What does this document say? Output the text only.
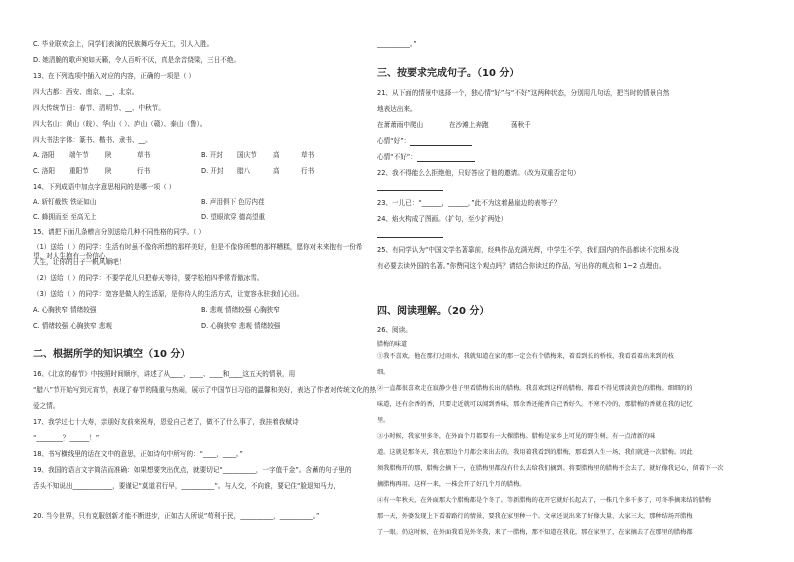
C. 毕业联欢会上，同学们表演的民族舞巧夺天工，引人入胜。
D. 她清脆的歌声宛如天籁，令人百听不厌，真是余音绕梁，三日不绝。
13、在下列选项中插入对应的内容，正确的一项是（ ）
四大古都：西安、南京、__、北京。
四大传统节日：春节、清明节、__、中秋节。
四大名山：黄山（皖）、华山（ ）、庐山（赣）、泰山（鲁）。
四大书法字体：篆书、楷书、隶书、__。
A. 洛阳 端午节 陕	草书	B. 开封 国庆节 高	草书
C. 洛阳 重阳节 陕	行书	D. 开封 腊八	高	行书
14、下列成语中加点字意思相同的是哪一项（ ）
A. 斩钉截铁 铁证如山	B. 声泪俱下 色厉内荏
C. 蜂拥而至 至高无上	D. 望眼欲穿 德高望重
15、请把下面几条赠言分别送给几种不同性格的同学。（ ）
（1）送给（ ）的同学：生活有时虽不像你所想的那样美好，但是不像你所想的那样糟糕，愿你对未来抱有一份希望，对人生抱有一份信心，
人生，让你的日子一帆风顺吧！
（2）送给（ ）的同学：不要学花儿只把春天等待，要学松柏四季常青傲冰雪。
（3）送给（ ）的同学：宽容是做人的生活原，是你待人的生活方式，让宽容永驻我们心田。
A. 心胸狭窄 情绪较强	B. 悲观 情绪较强 心胸狭窄
C. 情绪较强 心胸狭窄 悲观	D. 心胸狭窄 悲观 情绪较强
二、根据所学的知识填空（10 分）
16、《北京的春节》中按照时间顺序，讲述了从____、____、____和____这五天的情景，用
“腊八”节开始写到元宵节，表现了春节的隆重与热闹，展示了中国节日习俗的温馨和美好，表达了作者对传统文化的热
爱之情。
17、我学过七十大寿，亲朋好友前来祝寿，恩爱自己老了，做不了什么事了，我挂着我赋诗
“________？______！”
18、书写横线里的话在文中的意思，正如诗句中所写的：“____，____。”
19、我国的语言文字简洁而准确：如果想要突出优点，就要切记“__________，一字值千金”。含蓄的句子里的
舌头不知说出____________，要谨记“莫道君行早，__________”。与人交，不向谁，要记住“脸退知马力，
20. 当今世界，只有克服创新才能不断进步，正如古人所说“苟利于民，__________，__________。”
__________。”
三、按要求完成句子。（10 分）
21、从下面的情景中选择一个，独心情“好”与“不好”这两种状态，分别用几句话，把当时的情景自然
地表达出来。
在萧萧雨中爬山	在沙滩上奔跑	荡秋千
心情“好”：
心情“不好”：
22、我不得能么么拒绝他，只好答应了他的邀请。（改为双重否定句）
23、一儿已：“______，______，”此不为这着悬崖边的表等子？
24、焰火构成了图画。（扩句，至少扩两处）
25、有同学认为“中国文学名著靠前，经典作品充满光辉，中学生不学，我们国内的作品都读不完根本没
有必要去读外国的名著。”你赞同这个观点吗？请结合你读过的作品，写出你的观点和 1~2 点理由。
四、阅读理解。（20 分）
26、阅读。
腊梅的味道
①我不喜欢，他在那打过雨水，我就知道在家的那一定会有个腊梅来，着看到长的桥枝，我看看着出来到的枝
细。
②一直都很喜欢走在寂静少巷子里看腊梅长出的腊梅。我喜欢到这样的腊梅，都看不得见那淡黄色的腊梅。细细的的
味道，还有余香的香，只要走近就可以闻到香味，那余香还能香自己香好久。不寒不冷的，那腊梅的香就在我的记忆
里。
③小时候，我家里多冬，在外面个月都要有一大棵腊梅。腊梅是家乡上可见的野生树，有一点清新的味
道。这就是那冬天，我在那边个月都会来出去的，我用着我看到的腊梅，那看到人生一场，我们就进一次腊梅。因此
须我腊梅开的那，腊梅会摘下一，在腊梅里都没有什么去给我们摘到。将要腊梅里的腊梅不会去了，就好像我记心，留着下一次
摘腊梅再用。这样一来，一株会开了好几个月的腊梅。
④有一年秋天，在外面那大个腊梅都是个冬了。等新腊梅的花开它就好长起去了，一株几个多千多了，可冬季摘来结的腊梅
那一天，外婆发现上下看着路行的情景，要我在家里种一个。文章还说出来了好像大量，大家三大，那种结场开腊梅
了一眼。仍这时候，在外面我看见外冬我，来了一腊梅，那不知道在我花，那在家里了，在家摘去了在那里的腊梅都
